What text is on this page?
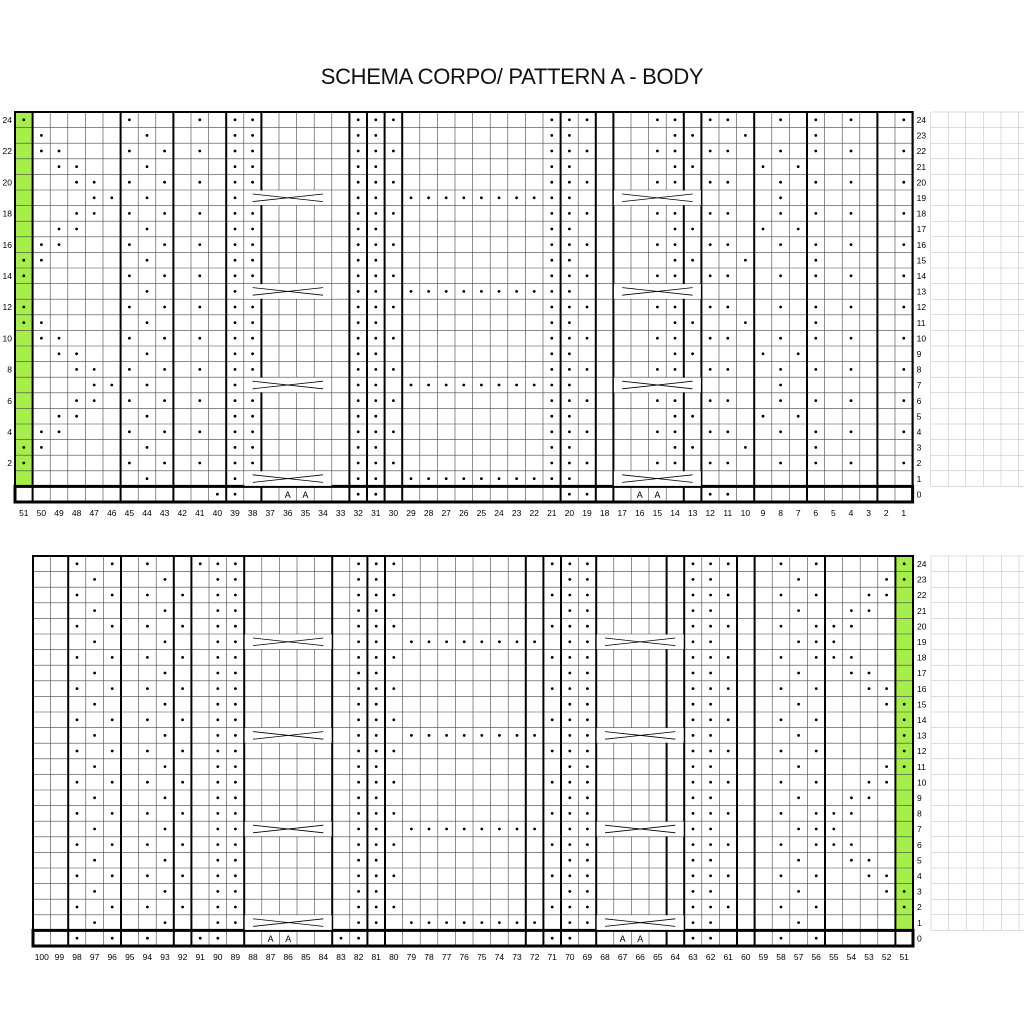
SCHEMA CORPO/ PATTERN A - BODY
A A	A A
24
23
22
21
20
19
18
17
16
15
14
13
12
11
10
9
8
7
6
5
4
3
2
1
0
24
22
20
18
16
14
12
10
8
6
4
2
51 50 49 48 47 46 45 44 43 42 41 40 39 38 37 36 35 34 33 32 31 30 29 28 27 26 25 24 23 22 21 20 19 18 17 16 15 14 13 12 11 10 9 8 7 6 5 4 3 2 1
A A	A A
24
23
22
21
20
19
18
17
16
15
14
13
12
11
10
9
8
7
6
5
4
3
2
1
0
100 99 98 97 96 95 94 93 92 91 90 89 88 87 86 85 84 83 82 81 80 79 78 77 76 75 74 73 72 71 70 69 68 67 66 65 64 63 62 61 60 59 58 57 56 55 54 53 52 51
